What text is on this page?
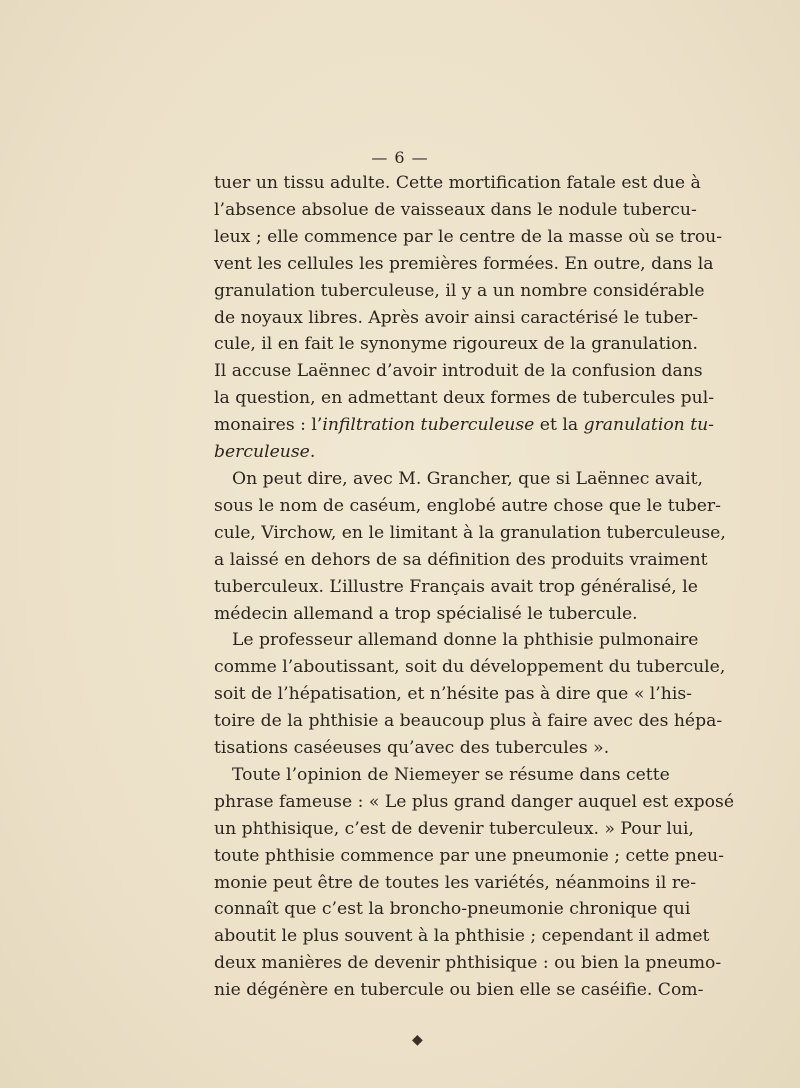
— 6 —
tuer un tissu adulte. Cette mortification fatale est due à
l’absence absolue de vaisseaux dans le nodule tubercu-
leux ; elle commence par le centre de la masse où se trou-
vent les cellules les premières formées. En outre, dans la
granulation tuberculeuse, il y a un nombre considérable
de noyaux libres. Après avoir ainsi caractérisé le tuber-
cule, il en fait le synonyme rigoureux de la granulation.
Il accuse Laënnec d’avoir introduit de la confusion dans
la question, en admettant deux formes de tubercules pul-
monaires : l’infiltration tuberculeuse et la granulation tu-
berculeuse.
On peut dire, avec M. Grancher, que si Laënnec avait,
sous le nom de caséum, englobé autre chose que le tuber-
cule, Virchow, en le limitant à la granulation tuberculeuse,
a laissé en dehors de sa définition des produits vraiment
tuberculeux. L’illustre Français avait trop généralisé, le
médecin allemand a trop spécialisé le tubercule.
Le professeur allemand donne la phthisie pulmonaire
comme l’aboutissant, soit du développement du tubercule,
soit de l’hépatisation, et n’hésite pas à dire que « l’his-
toire de la phthisie a beaucoup plus à faire avec des hépa-
tisations caséeuses qu’avec des tubercules ».
Toute l’opinion de Niemeyer se résume dans cette
phrase fameuse : « Le plus grand danger auquel est exposé
un phthisique, c’est de devenir tuberculeux. » Pour lui,
toute phthisie commence par une pneumonie ; cette pneu-
monie peut être de toutes les variétés, néanmoins il re-
connaît que c’est la broncho-pneumonie chronique qui
aboutit le plus souvent à la phthisie ; cependant il admet
deux manières de devenir phthisique : ou bien la pneumo-
nie dégénère en tubercule ou bien elle se caséifie. Com-
◆
